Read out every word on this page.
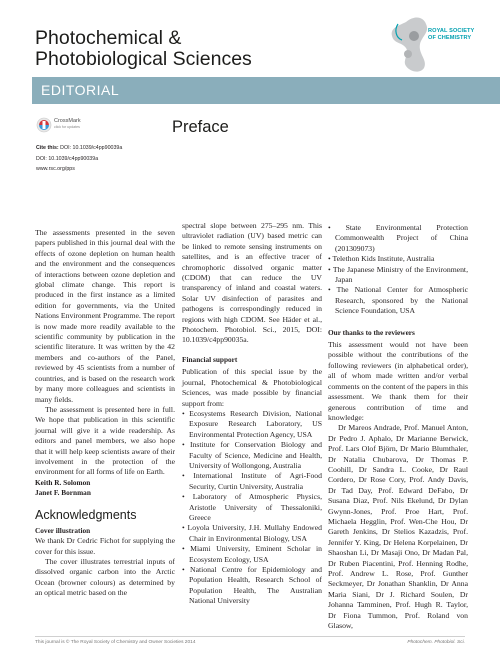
Photochemical &
Photobiological Sciences
ROYAL SOCIETY
OF CHEMISTRY
EDITORIAL
CrossMark
click for updates	Preface
Cite this: DOI: 10.1039/c4pp90039a
DOI: 10.1039/c4pp90039a
www.rsc.org/pps

The assessments presented in the seven papers published in this journal deal with the effects of ozone depletion on human health and the environment and the consequences of interactions between ozone depletion and global climate change. This report is produced in the first instance as a limited edition for governments, via the United Nations Environment Programme. The report is now made more readily available to the scientific community by publication in the scientific literature. It was written by the 42 members and co-authors of the Panel, reviewed by 45 scientists from a number of countries, and is based on the research work by many more colleagues and scientists in many fields.

The assessment is presented here in full. We hope that publication in this scientific journal will give it a wide readership. As editors and panel members, we also hope that it will help keep scientists aware of their involvement in the protection of the environment for all forms of life on Earth.

Keith R. Solomon
Janet F. Bornman

Acknowledgments

Cover illustration

We thank Dr Cedric Fichot for supplying the cover for this issue.

The cover illustrates terrestrial inputs of dissolved organic carbon into the Arctic Ocean (browner colours) as determined by an optical metric based on the

spectral slope between 275–295 nm. This ultraviolet radiation (UV) based metric can be linked to remote sensing instruments on satellites, and is an effective tracer of chromophoric dissolved organic matter (CDOM) that can reduce the UV transparency of inland and coastal waters. Solar UV disinfection of parasites and pathogens is correspondingly reduced in regions with high CDOM. See Häder et al., Photochem. Photobiol. Sci., 2015, DOI: 10.1039/c4pp90035a.

Financial support

Publication of this special issue by the journal, Photochemical & Photobiological Sciences, was made possible by financial support from:

• Ecosystems Research Division, National Exposure Research Laboratory, US Environmental Protection Agency, USA

• Institute for Conservation Biology and Faculty of Science, Medicine and Health, University of Wollongong, Australia

• International Institute of Agri-Food Security, Curtin University, Australia

• Laboratory of Atmospheric Physics, Aristotle University of Thessaloniki, Greece

• Loyola University, J.H. Mullahy Endowed Chair in Environmental Biology, USA

• Miami University, Eminent Scholar in Ecosystem Ecology, USA

• National Centre for Epidemiology and Population Health, Research School of Population Health, The Australian National University

• State Environmental Protection Commonwealth Project of China (201309073)

• Telethon Kids Institute, Australia

• The Japanese Ministry of the Environment, Japan

• The National Center for Atmospheric Research, sponsored by the National Science Foundation, USA

Our thanks to the reviewers

This assessment would not have been possible without the contributions of the following reviewers (in alphabetical order), all of whom made written and/or verbal comments on the content of the papers in this assessment. We thank them for their generous contribution of time and knowledge:

Dr Mareos Andrade, Prof. Manuel Anton, Dr Pedro J. Aphalo, Dr Marianne Berwick, Prof. Lars Olof Björn, Dr Mario Blumthaler, Dr Natalia Chubarova, Dr Thomas P. Coohill, Dr Sandra L. Cooke, Dr Raul Cordero, Dr Rose Cory, Prof. Andy Davis, Dr Tad Day, Prof. Edward DeFabo, Dr Susana Diaz, Prof. Nils Ekelund, Dr Dylan Gwynn-Jones, Prof. Proe Hart, Prof. Michaela Hegglin, Prof. Wen-Che Hou, Dr Gareth Jenkins, Dr Stelios Kazadzis, Prof. Jennifer Y. King, Dr Helena Korpelainen, Dr Shaoshan Li, Dr Masaji Ono, Dr Madan Pal, Dr Ruben Piacentini, Prof. Henning Rodhe, Prof. Andrew L. Rose, Prof. Gunther Seckmeyer, Dr Jonathan Shanklin, Dr Anna Maria Siani, Dr J. Richard Soulen, Dr Johanna Tamminen, Prof. Hugh R. Taylor, Dr Fiona Tummon, Prof. Roland von Glasow,

This journal is © The Royal Society of Chemistry and Owner Societies 2014	Photochem. Photobiol. Sci.
